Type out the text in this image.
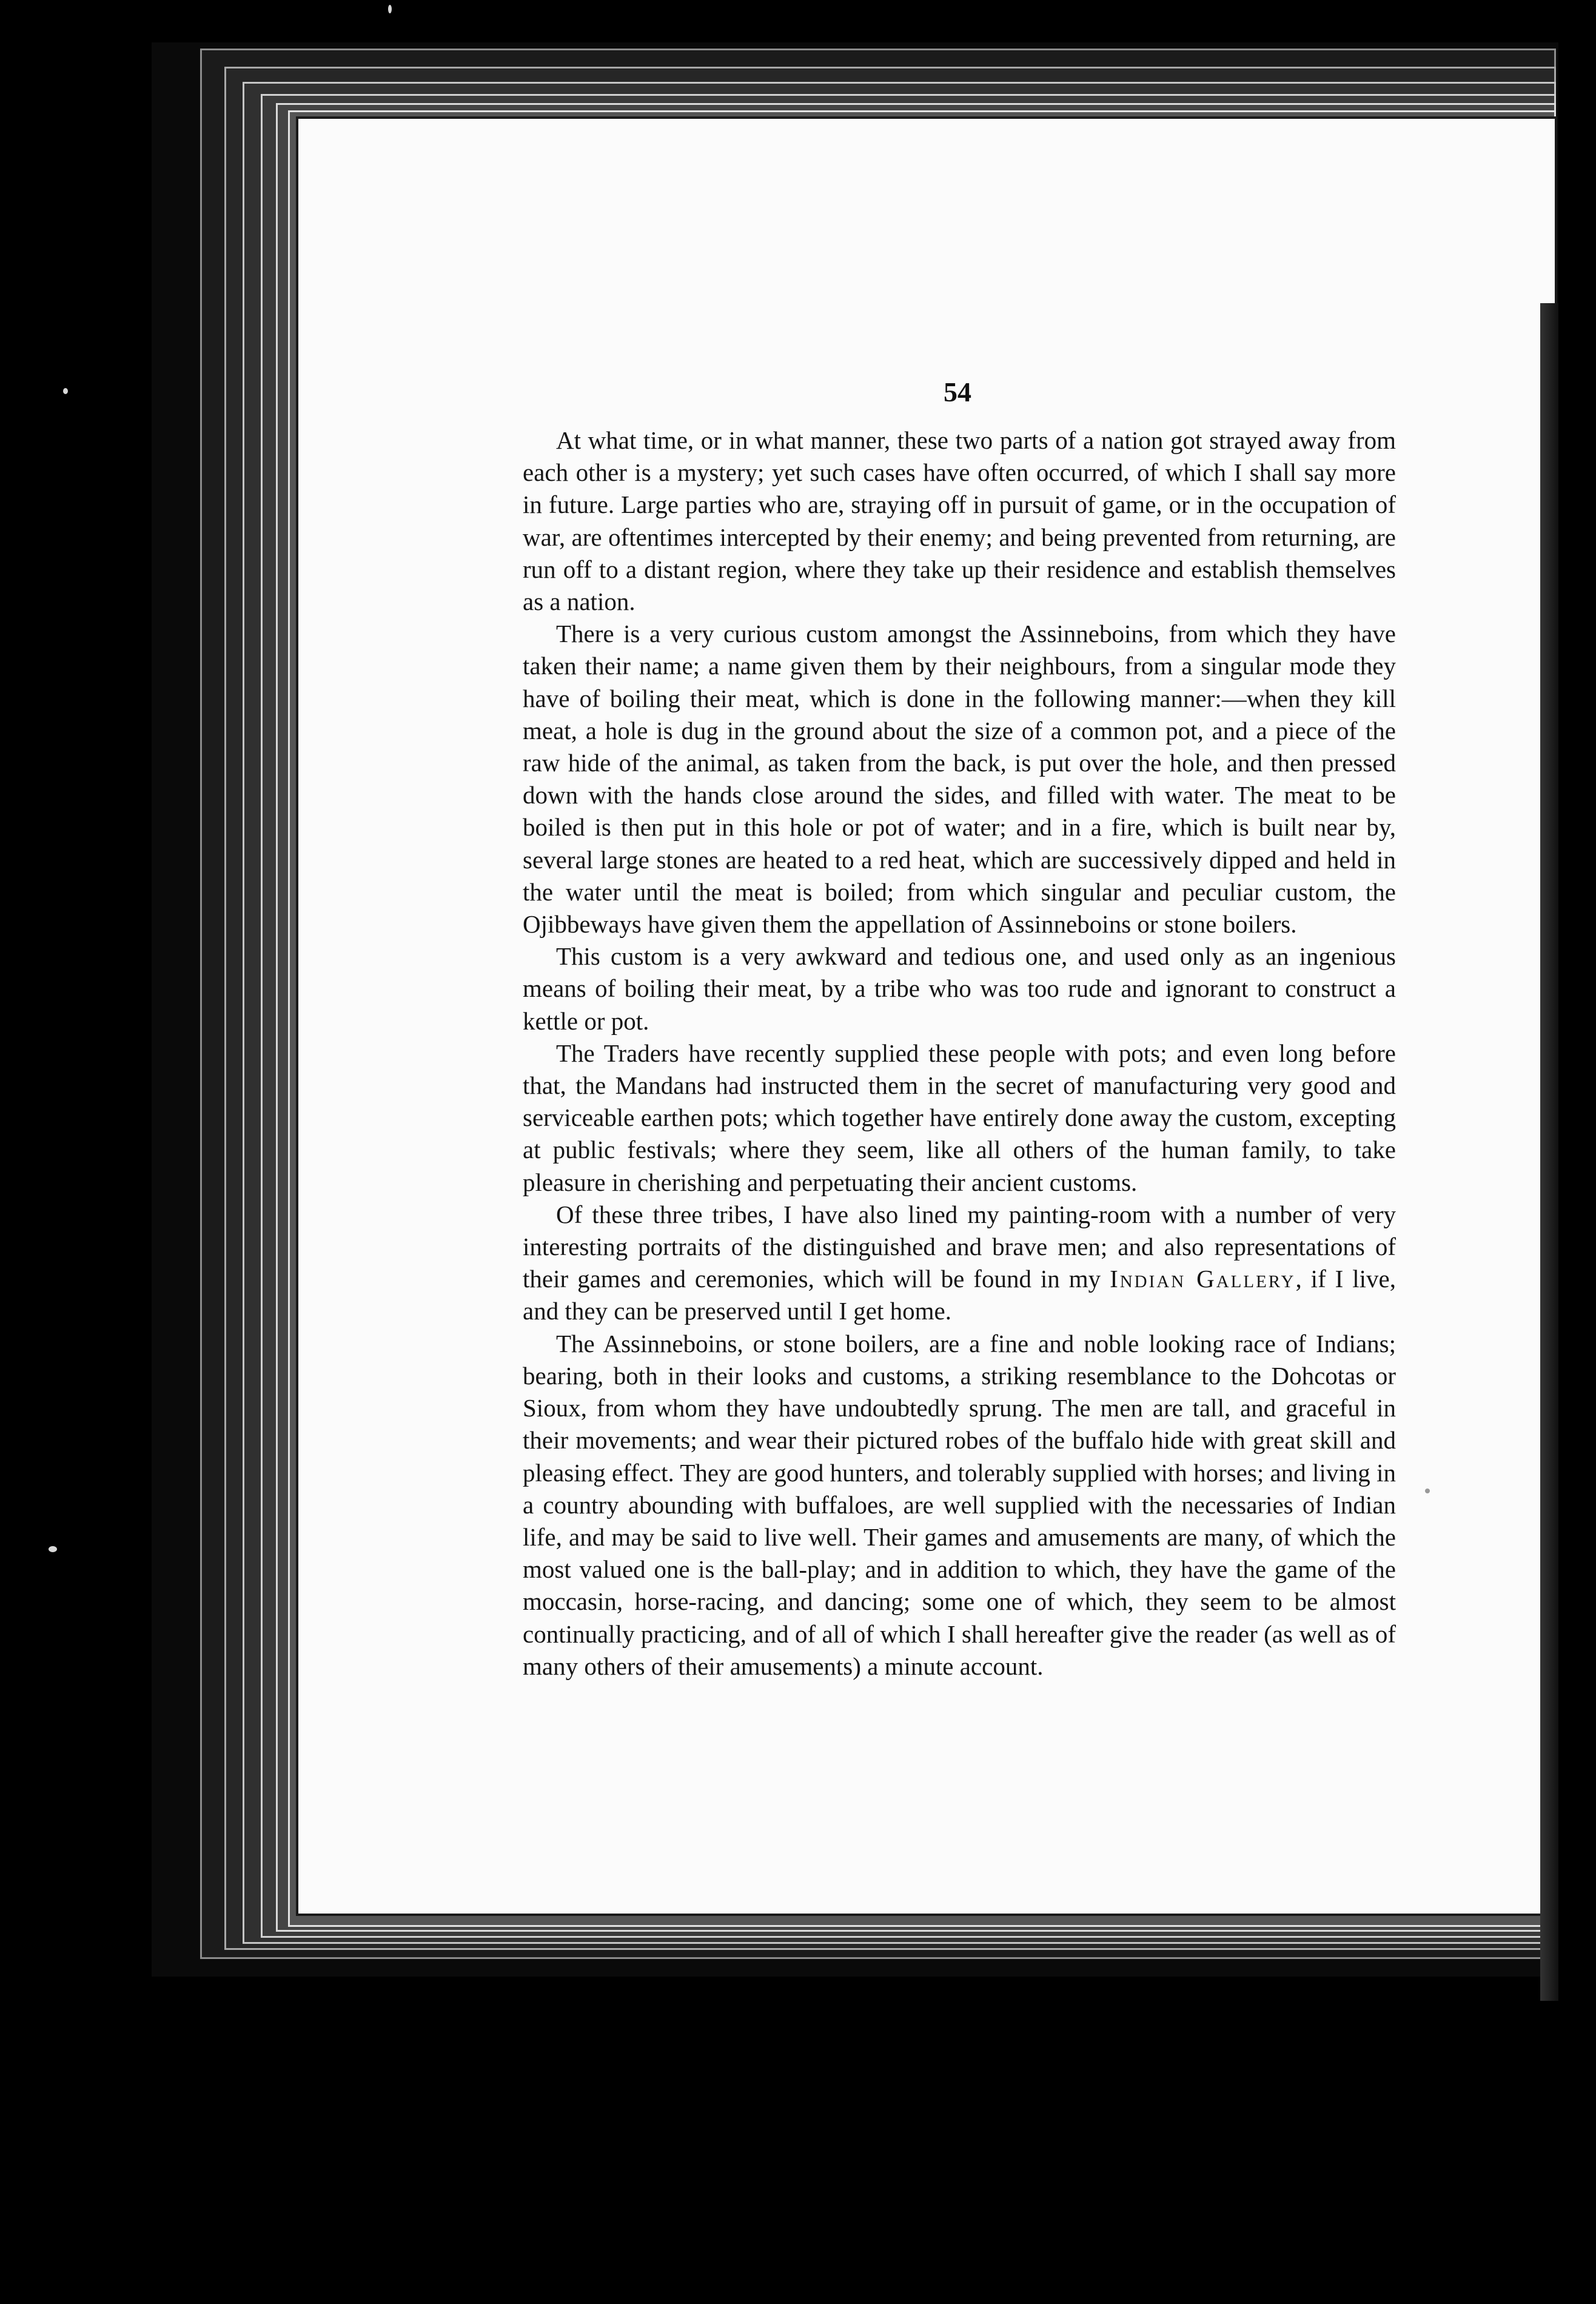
54

At what time, or in what manner, these two parts of a nation got strayed away from each other is a mystery; yet such cases have often occurred, of which I shall say more in future. Large parties who are, straying off in pursuit of game, or in the occupation of war, are oftentimes intercepted by their enemy; and being prevented from returning, are run off to a distant region, where they take up their residence and establish themselves as a nation.

There is a very curious custom amongst the Assinneboins, from which they have taken their name; a name given them by their neighbours, from a singular mode they have of boiling their meat, which is done in the following manner:—when they kill meat, a hole is dug in the ground about the size of a common pot, and a piece of the raw hide of the animal, as taken from the back, is put over the hole, and then pressed down with the hands close around the sides, and filled with water. The meat to be boiled is then put in this hole or pot of water; and in a fire, which is built near by, several large stones are heated to a red heat, which are successively dipped and held in the water until the meat is boiled; from which singular and peculiar custom, the Ojibbeways have given them the appellation of Assinneboins or stone boilers.

This custom is a very awkward and tedious one, and used only as an ingenious means of boiling their meat, by a tribe who was too rude and ignorant to construct a kettle or pot.

The Traders have recently supplied these people with pots; and even long before that, the Mandans had instructed them in the secret of manufacturing very good and serviceable earthen pots; which together have entirely done away the custom, excepting at public festivals; where they seem, like all others of the human family, to take pleasure in cherishing and perpetuating their ancient customs.

Of these three tribes, I have also lined my painting-room with a number of very interesting portraits of the distinguished and brave men; and also representations of their games and ceremonies, which will be found in my Indian Gallery, if I live, and they can be preserved until I get home.

The Assinneboins, or stone boilers, are a fine and noble looking race of Indians; bearing, both in their looks and customs, a striking resemblance to the Dohcotas or Sioux, from whom they have undoubtedly sprung. The men are tall, and graceful in their movements; and wear their pictured robes of the buffalo hide with great skill and pleasing effect. They are good hunters, and tolerably supplied with horses; and living in a country abounding with buffaloes, are well supplied with the necessaries of Indian life, and may be said to live well. Their games and amusements are many, of which the most valued one is the ball-play; and in addition to which, they have the game of the moccasin, horse-racing, and dancing; some one of which, they seem to be almost continually practicing, and of all of which I shall hereafter give the reader (as well as of many others of their amusements) a minute account.
